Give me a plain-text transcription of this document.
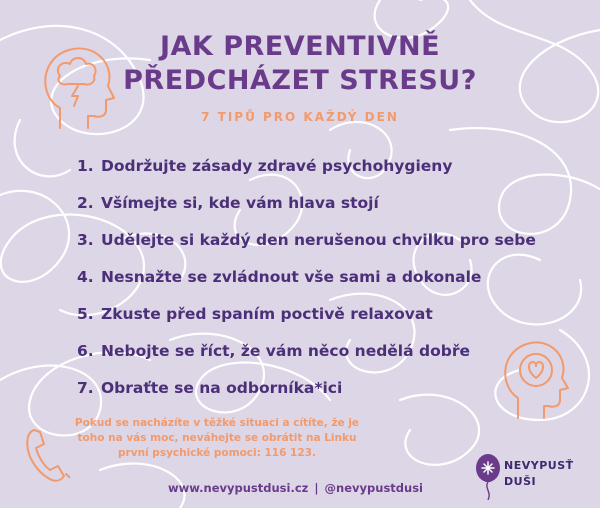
JAK PREVENTIVNĚ
PŘEDCHÁZET STRESU?
7 TIPŮ PRO KAŽDÝ DEN
1. Dodržujte zásady zdravé psychohygieny
2. Všímejte si, kde vám hlava stojí
3. Udělejte si každý den nerušenou chvilku pro sebe
4. Nesnažte se zvládnout vše sami a dokonale
5. Zkuste před spaním poctivě relaxovat
6. Nebojte se říct, že vám něco nedělá dobře
7. Obraťte se na odborníka*ici
Pokud se nacházíte v těžké situaci a cítíte, že je
toho na vás moc, neváhejte se obrátit na Linku
první psychické pomoci: 116 123.
www.nevypustdusi.cz | @nevypustdusi
NEVYPUSŤ
DUŠI
